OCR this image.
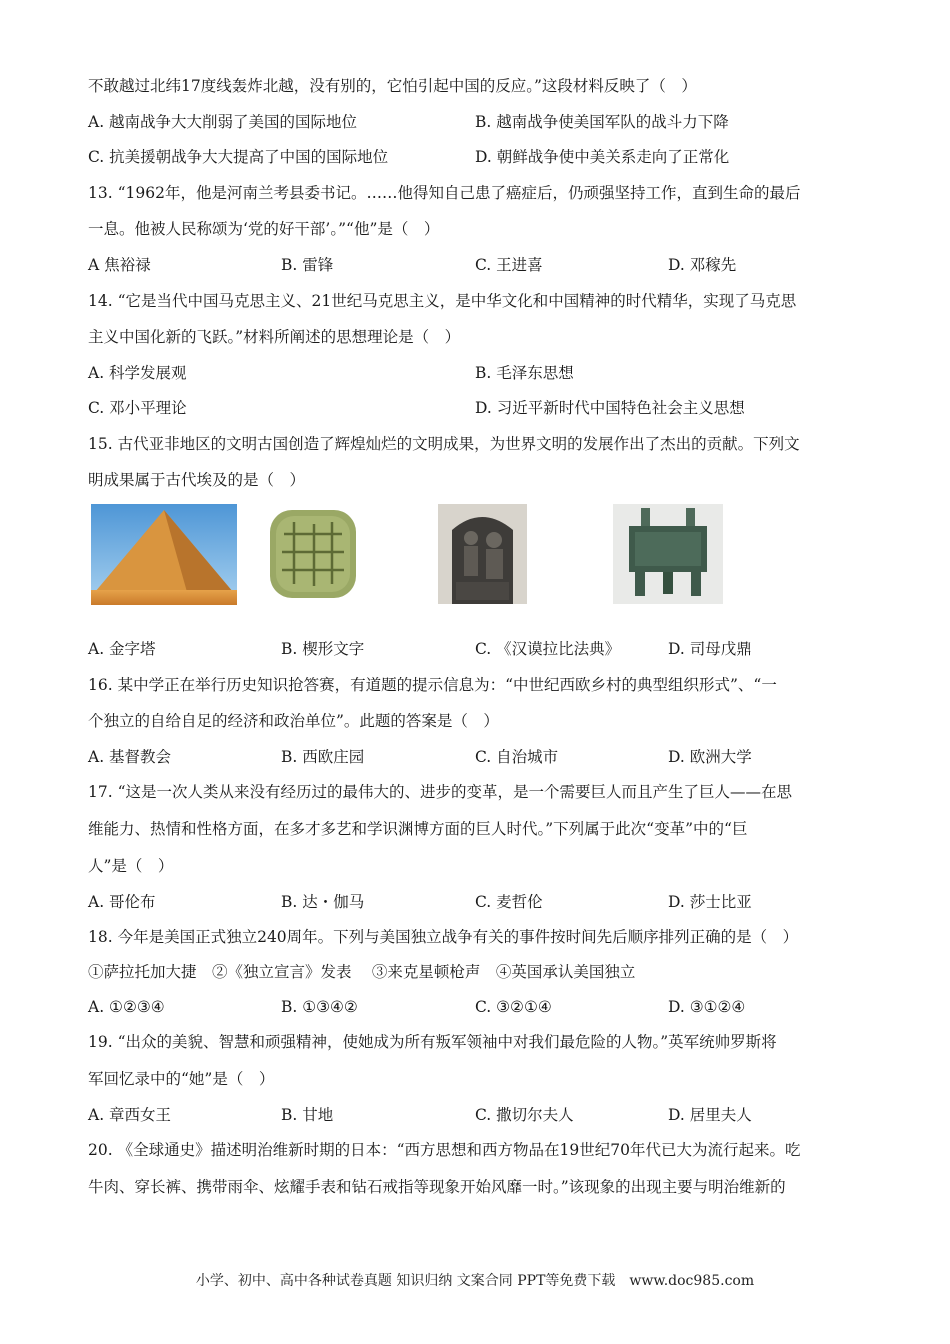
不敢越过北纬17度线轰炸北越，没有别的，它怕引起中国的反应。”这段材料反映了（　）
A. 越南战争大大削弱了美国的国际地位	B. 越南战争使美国军队的战斗力下降
C. 抗美援朝战争大大提高了中国的国际地位	D. 朝鲜战争使中美关系走向了正常化
13. “1962年，他是河南兰考县委书记。……他得知自己患了癌症后，仍顽强坚持工作，直到生命的最后
一息。他被人民称颂为‘党的好干部’。”“他”是（　）
A 焦裕禄	B. 雷锋	C. 王进喜	D. 邓稼先
14. “它是当代中国马克思主义、21世纪马克思主义，是中华文化和中国精神的时代精华，实现了马克思
主义中国化新的飞跃。”材料所阐述的思想理论是（　）
A. 科学发展观	B. 毛泽东思想
C. 邓小平理论	D. 习近平新时代中国特色社会主义思想
15. 古代亚非地区的文明古国创造了辉煌灿烂的文明成果，为世界文明的发展作出了杰出的贡献。下列文
明成果属于古代埃及的是（　）
A. 金字塔	B. 楔形文字	C. 《汉谟拉比法典》	D. 司母戊鼎
16. 某中学正在举行历史知识抢答赛，有道题的提示信息为：“中世纪西欧乡村的典型组织形式”、“一
个独立的自给自足的经济和政治单位”。此题的答案是（　）
A. 基督教会	B. 西欧庄园	C. 自治城市	D. 欧洲大学
17. “这是一次人类从来没有经历过的最伟大的、进步的变革，是一个需要巨人而且产生了巨人——在思
维能力、热情和性格方面，在多才多艺和学识渊博方面的巨人时代。”下列属于此次“变革”中的“巨
人”是（　）
A. 哥伦布	B. 达・伽马	C. 麦哲伦	D. 莎士比亚
18. 今年是美国正式独立240周年。下列与美国独立战争有关的事件按时间先后顺序排列正确的是（　）
①萨拉托加大捷　②《独立宣言》发表　 ③来克星顿枪声　④英国承认美国独立
A. ①②③④	B. ①③④②	C. ③②①④	D. ③①②④
19. “出众的美貌、智慧和顽强精神，使她成为所有叛军领袖中对我们最危险的人物。”英军统帅罗斯将
军回忆录中的“她”是（　）
A. 章西女王	B. 甘地	C. 撒切尔夫人	D. 居里夫人
20. 《全球通史》描述明治维新时期的日本：“西方思想和西方物品在19世纪70年代已大为流行起来。吃
牛肉、穿长裤、携带雨伞、炫耀手表和钻石戒指等现象开始风靡一时。”该现象的出现主要与明治维新的
小学、初中、高中各种试卷真题 知识归纳 文案合同 PPT等免费下载 www.doc985.com
